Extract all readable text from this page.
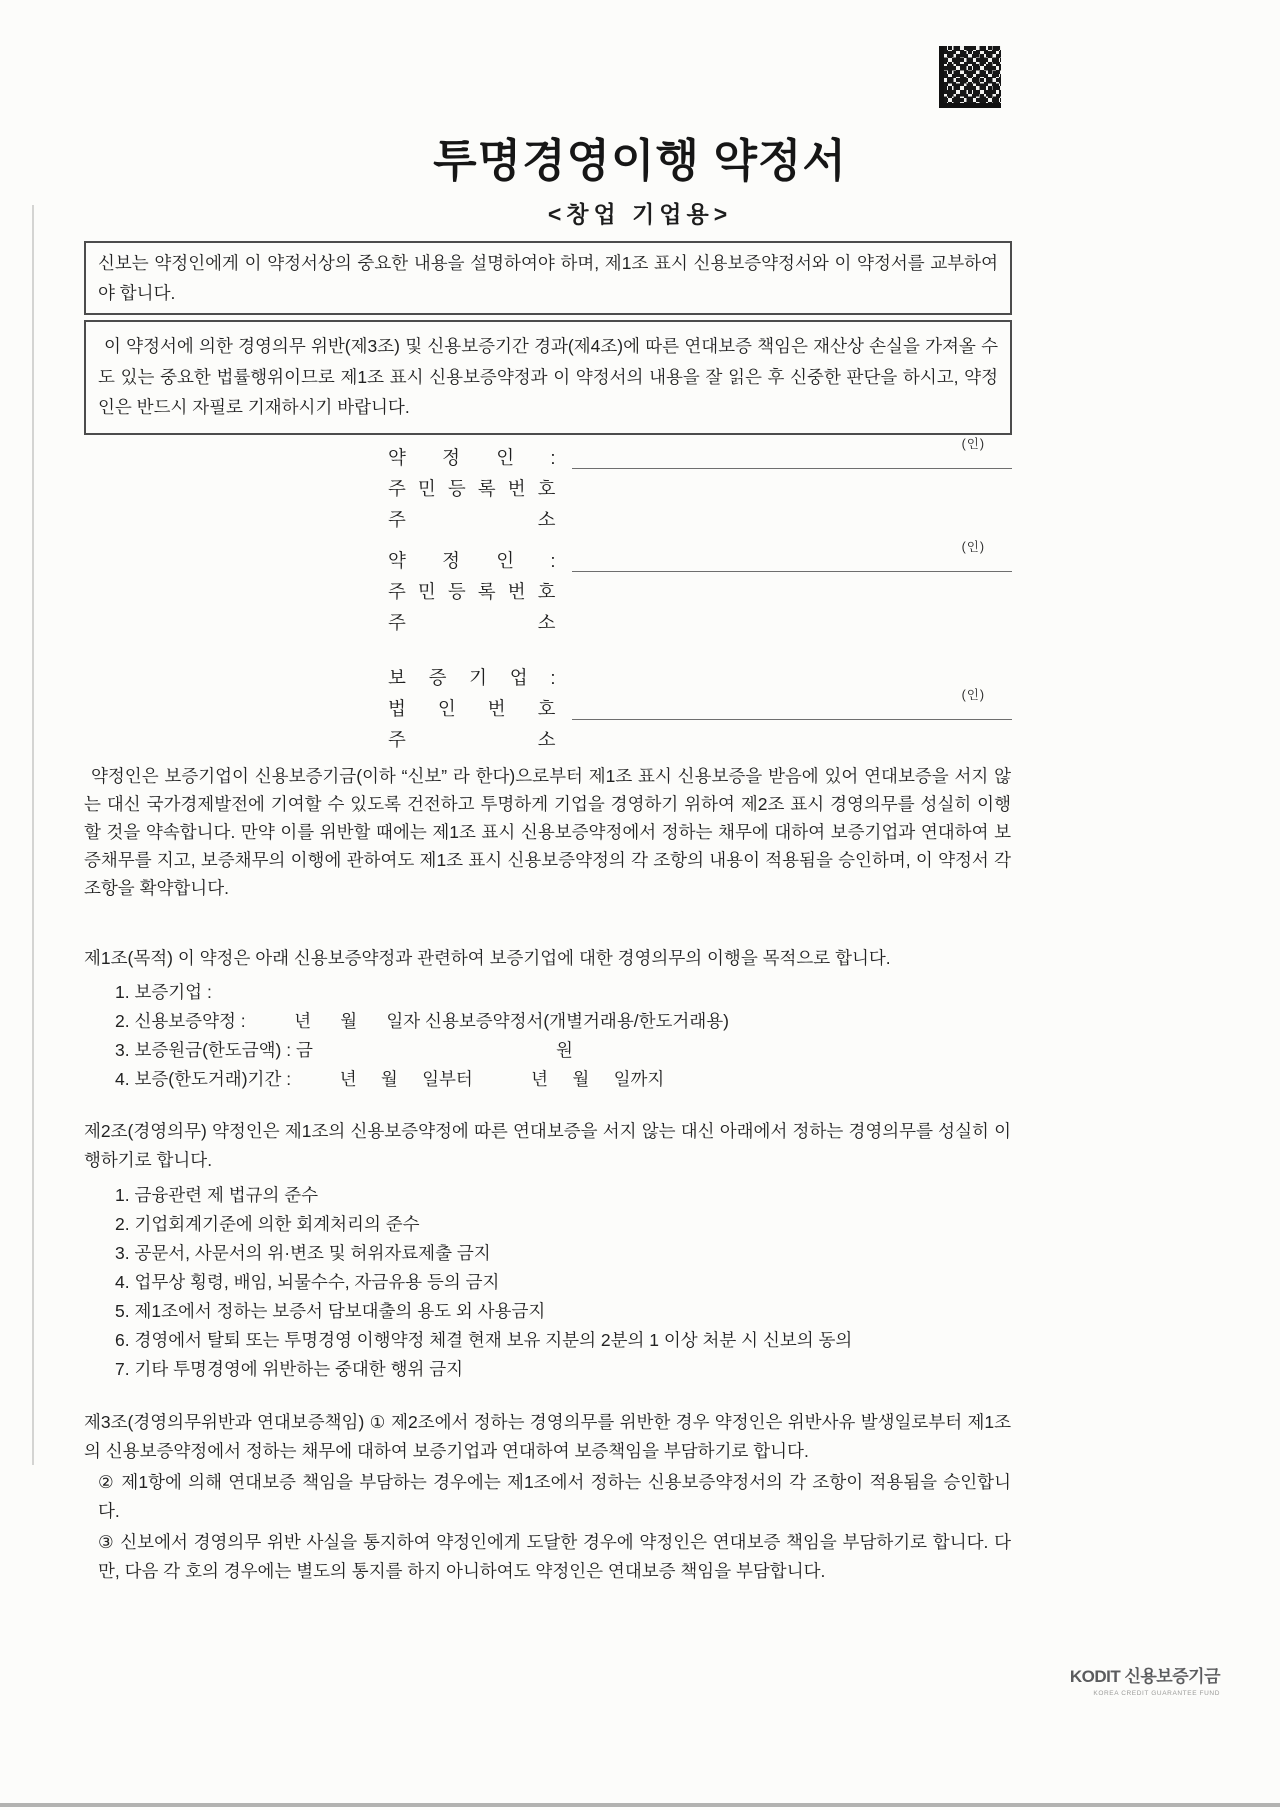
투명경영이행 약정서
<창업 기업용>
신보는 약정인에게 이 약정서상의 중요한 내용을 설명하여야 하며, 제1조 표시 신용보증약정서와 이 약정서를 교부하여야 합니다.
이 약정서에 의한 경영의무 위반(제3조) 및 신용보증기간 경과(제4조)에 따른 연대보증 책임은 재산상 손실을 가져올 수도 있는 중요한 법률행위이므로 제1조 표시 신용보증약정과 이 약정서의 내용을 잘 읽은 후 신중한 판단을 하시고, 약정인은 반드시 자필로 기재하시기 바랍니다.
약 정 인 :
(인)
주 민 등 록 번 호
주 소
약 정 인 :
(인)
주 민 등 록 번 호
주 소
보 증 기 업 :
법 인 번 호
(인)
주 소
약정인은 보증기업이 신용보증기금(이하 “신보” 라 한다)으로부터 제1조 표시 신용보증을 받음에 있어 연대보증을 서지 않는 대신 국가경제발전에 기여할 수 있도록 건전하고 투명하게 기업을 경영하기 위하여 제2조 표시 경영의무를 성실히 이행할 것을 약속합니다. 만약 이를 위반할 때에는 제1조 표시 신용보증약정에서 정하는 채무에 대하여 보증기업과 연대하여 보증채무를 지고, 보증채무의 이행에 관하여도 제1조 표시 신용보증약정의 각 조항의 내용이 적용됨을 승인하며, 이 약정서 각 조항을 확약합니다.
제1조(목적) 이 약정은 아래 신용보증약정과 관련하여 보증기업에 대한 경영의무의 이행을 목적으로 합니다.
1. 보증기업 :
2. 신용보증약정 :          년      월      일자 신용보증약정서(개별거래용/한도거래용)
3. 보증원금(한도금액) : 금                                                  원
4. 보증(한도거래)기간 :          년     월     일부터            년     월     일까지
제2조(경영의무) 약정인은 제1조의 신용보증약정에 따른 연대보증을 서지 않는 대신 아래에서 정하는 경영의무를 성실히 이행하기로 합니다.
1. 금융관련 제 법규의 준수
2. 기업회계기준에 의한 회계처리의 준수
3. 공문서, 사문서의 위·변조 및 허위자료제출 금지
4. 업무상 횡령, 배임, 뇌물수수, 자금유용 등의 금지
5. 제1조에서 정하는 보증서 담보대출의 용도 외 사용금지
6. 경영에서 탈퇴 또는 투명경영 이행약정 체결 현재 보유 지분의 2분의 1 이상 처분 시 신보의 동의
7. 기타 투명경영에 위반하는 중대한 행위 금지
제3조(경영의무위반과 연대보증책임) ① 제2조에서 정하는 경영의무를 위반한 경우 약정인은 위반사유 발생일로부터 제1조의 신용보증약정에서 정하는 채무에 대하여 보증기업과 연대하여 보증책임을 부담하기로 합니다.
② 제1항에 의해 연대보증 책임을 부담하는 경우에는 제1조에서 정하는 신용보증약정서의 각 조항이 적용됨을 승인합니다.
③ 신보에서 경영의무 위반 사실을 통지하여 약정인에게 도달한 경우에 약정인은 연대보증 책임을 부담하기로 합니다. 다만, 다음 각 호의 경우에는 별도의 통지를 하지 아니하여도 약정인은 연대보증 책임을 부담합니다.
KODIT 신용보증기금
KOREA CREDIT GUARANTEE FUND
